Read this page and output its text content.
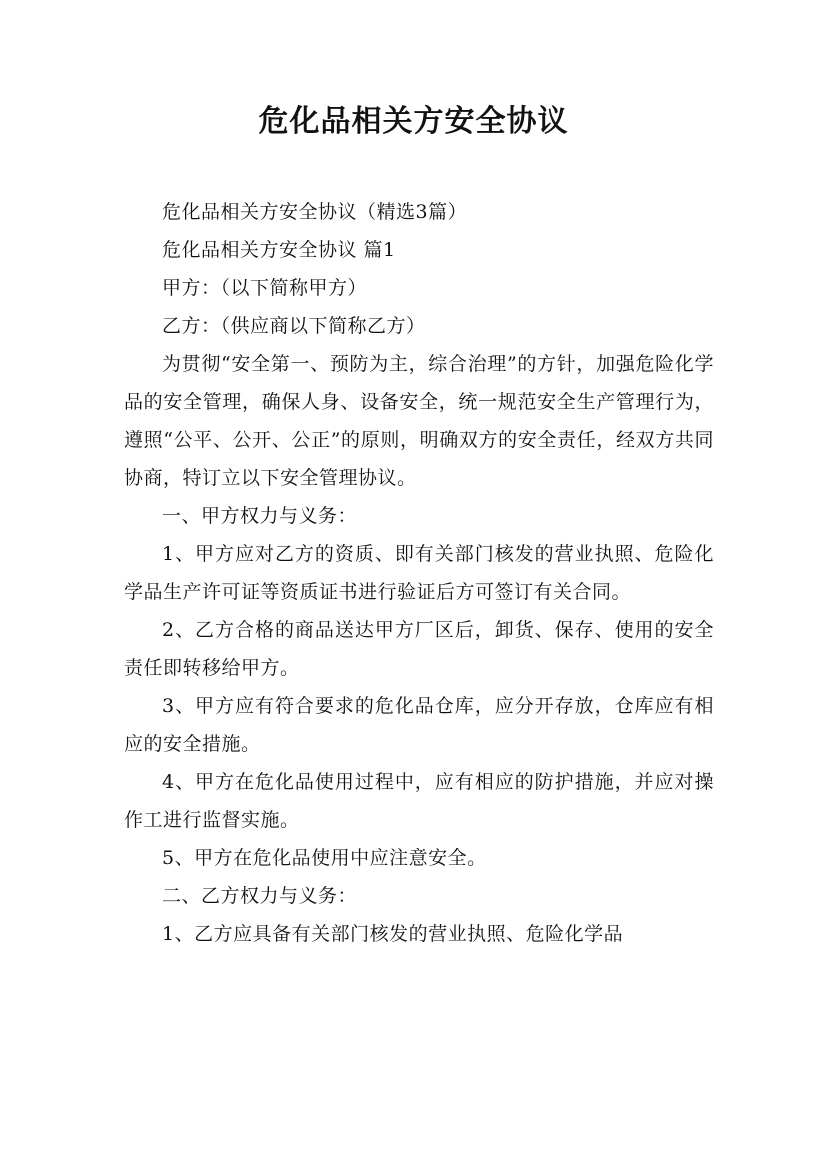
危化品相关方安全协议

危化品相关方安全协议（精选3篇）

危化品相关方安全协议 篇1

甲方：（以下简称甲方）

乙方：（供应商以下简称乙方）

为贯彻“安全第一、预防为主，综合治理”的方针，加强危险化学品的安全管理，确保人身、设备安全，统一规范安全生产管理行为，遵照“公平、公开、公正”的原则，明确双方的安全责任，经双方共同协商，特订立以下安全管理协议。

一、甲方权力与义务：

1、甲方应对乙方的资质、即有关部门核发的营业执照、危险化学品生产许可证等资质证书进行验证后方可签订有关合同。

2、乙方合格的商品送达甲方厂区后，卸货、保存、使用的安全责任即转移给甲方。

3、甲方应有符合要求的危化品仓库，应分开存放，仓库应有相应的安全措施。

4、甲方在危化品使用过程中，应有相应的防护措施，并应对操作工进行监督实施。

5、甲方在危化品使用中应注意安全。

二、乙方权力与义务：

1、乙方应具备有关部门核发的营业执照、危险化学品
